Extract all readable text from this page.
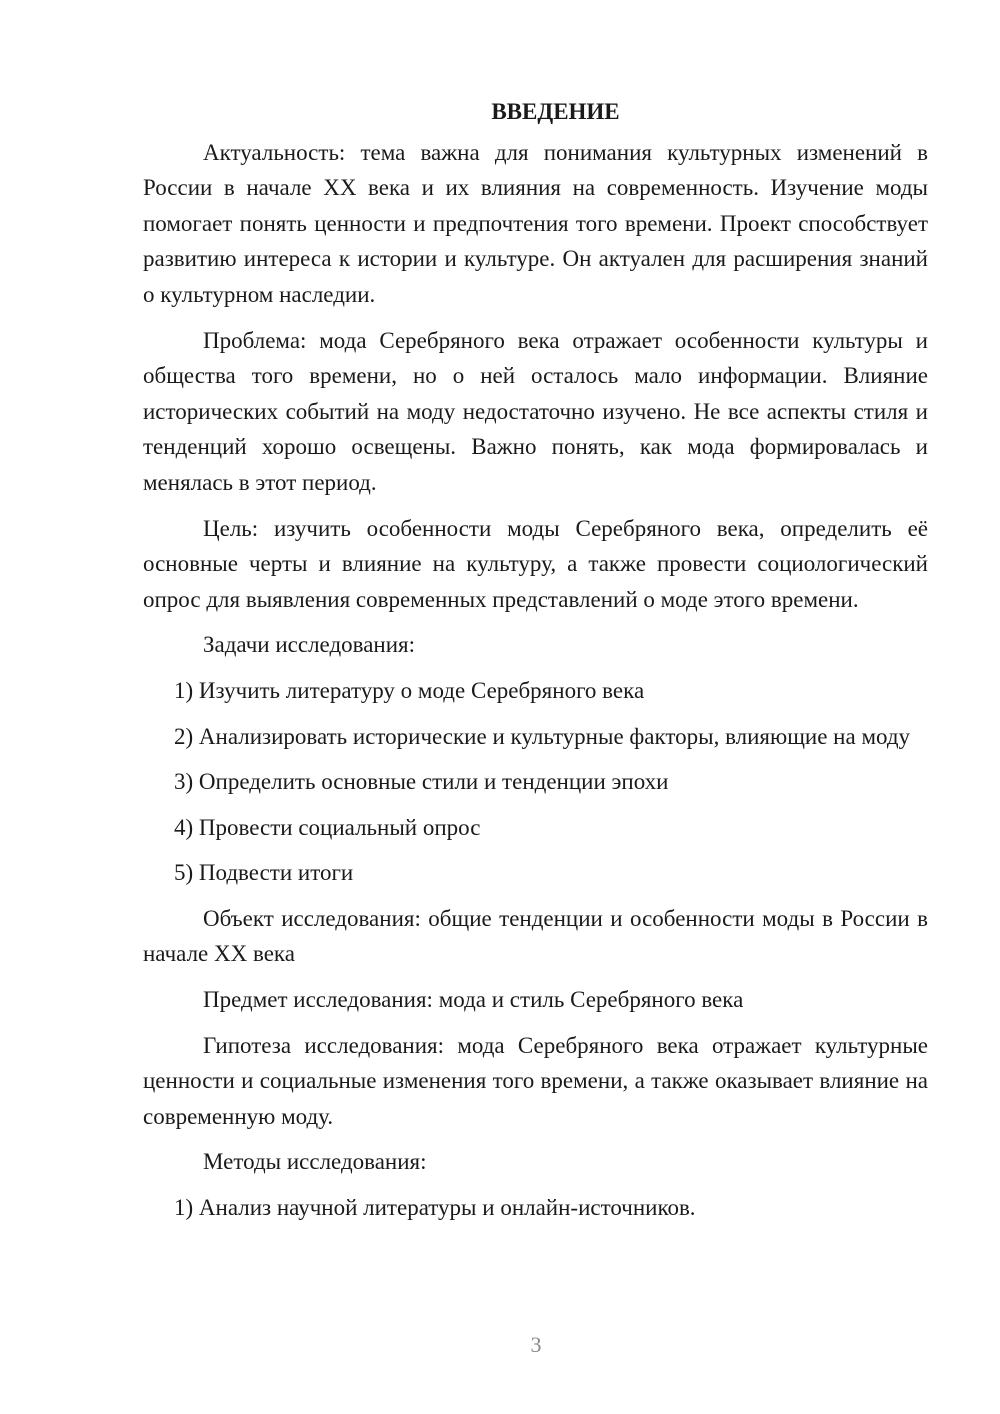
ВВЕДЕНИЕ

Актуальность: тема важна для понимания культурных изменений в России в начале XX века и их влияния на современность. Изучение моды помогает понять ценности и предпочтения того времени. Проект способствует развитию интереса к истории и культуре. Он актуален для расширения знаний о культурном наследии.

Проблема: мода Серебряного века отражает особенности культуры и общества того времени, но о ней осталось мало информации. Влияние исторических событий на моду недостаточно изучено. Не все аспекты стиля и тенденций хорошо освещены. Важно понять, как мода формировалась и менялась в этот период.

Цель: изучить особенности моды Серебряного века, определить её основные черты и влияние на культуру, а также провести социологический опрос для выявления современных представлений о моде этого времени.

Задачи исследования:

1) Изучить литературу о моде Серебряного века

2) Анализировать исторические и культурные факторы, влияющие на моду

3) Определить основные стили и тенденции эпохи

4) Провести социальный опрос

5) Подвести итоги

Объект исследования: общие тенденции и особенности моды в России в начале XX века

Предмет исследования: мода и стиль Серебряного века

Гипотеза исследования: мода Серебряного века отражает культурные ценности и социальные изменения того времени, а также оказывает влияние на современную моду.

Методы исследования:

1) Анализ научной литературы и онлайн-источников.

3
